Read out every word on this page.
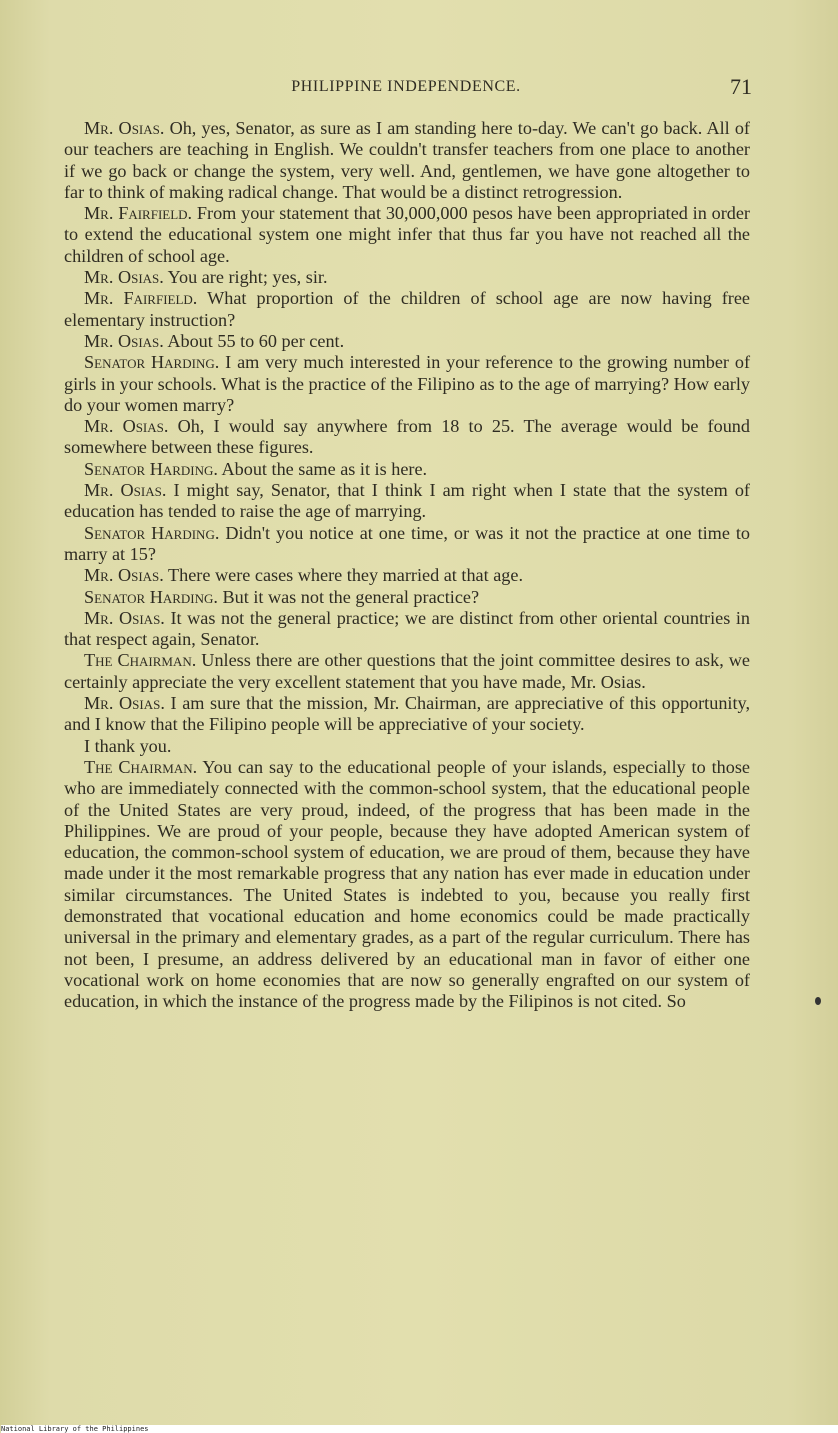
PHILIPPINE INDEPENDENCE.	71

Mr. Osias. Oh, yes, Senator, as sure as I am standing here to-day. We can't go back. All of our teachers are teaching in English. We couldn't transfer teachers from one place to another if we go back or change the system, very well. And, gentlemen, we have gone altogether to far to think of making radical change. That would be a distinct retrogression.

Mr. Fairfield. From your statement that 30,000,000 pesos have been appropriated in order to extend the educational system one might infer that thus far you have not reached all the children of school age.

Mr. Osias. You are right; yes, sir.

Mr. Fairfield. What proportion of the children of school age are now having free elementary instruction?

Mr. Osias. About 55 to 60 per cent.

Senator Harding. I am very much interested in your reference to the growing number of girls in your schools. What is the practice of the Filipino as to the age of marrying? How early do your women marry?

Mr. Osias. Oh, I would say anywhere from 18 to 25. The average would be found somewhere between these figures.

Senator Harding. About the same as it is here.

Mr. Osias. I might say, Senator, that I think I am right when I state that the system of education has tended to raise the age of marrying.

Senator Harding. Didn't you notice at one time, or was it not the practice at one time to marry at 15?

Mr. Osias. There were cases where they married at that age.

Senator Harding. But it was not the general practice?

Mr. Osias. It was not the general practice; we are distinct from other oriental countries in that respect again, Senator.

The Chairman. Unless there are other questions that the joint committee desires to ask, we certainly appreciate the very excellent statement that you have made, Mr. Osias.

Mr. Osias. I am sure that the mission, Mr. Chairman, are appreciative of this opportunity, and I know that the Filipino people will be appreciative of your society.

I thank you.

The Chairman. You can say to the educational people of your islands, especially to those who are immediately connected with the common-school system, that the educational people of the United States are very proud, indeed, of the progress that has been made in the Philippines. We are proud of your people, because they have adopted American system of education, the common-school system of education, we are proud of them, because they have made under it the most remarkable progress that any nation has ever made in education under similar circumstances. The United States is indebted to you, because you really first demonstrated that vocational education and home economics could be made practically universal in the primary and elementary grades, as a part of the regular curriculum. There has not been, I presume, an address delivered by an educational man in favor of either one vocational work on home economies that are now so generally engrafted on our system of education, in which the instance of the progress made by the Filipinos is not cited. So

National Library of the Philippines
